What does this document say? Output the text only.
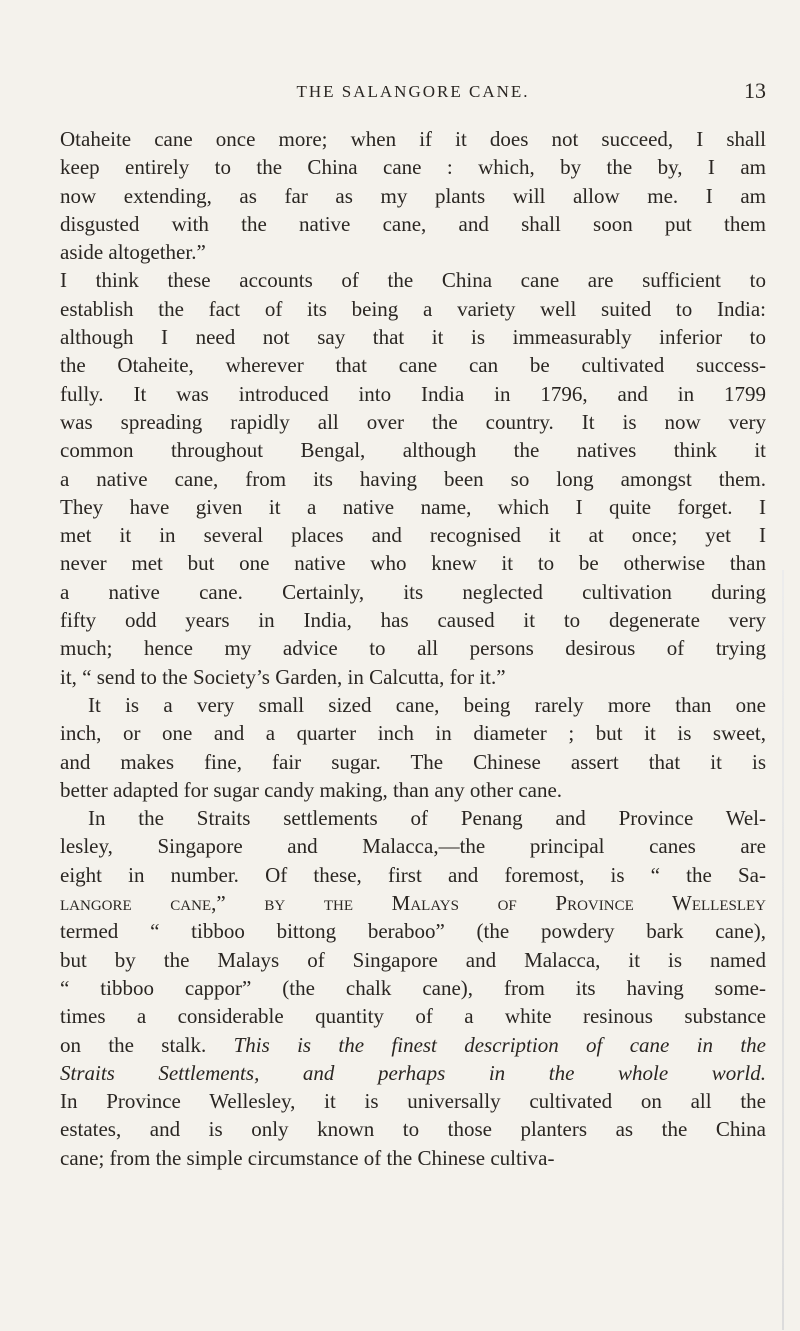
THE SALANGORE CANE.	13
Otaheite cane once more; when if it does not succeed, I shall
keep entirely to the China cane : which, by the by, I am
now extending, as far as my plants will allow me. I am
disgusted with the native cane, and shall soon put them
aside altogether.”
I think these accounts of the China cane are sufficient to
establish the fact of its being a variety well suited to India:
although I need not say that it is immeasurably inferior to
the Otaheite, wherever that cane can be cultivated success-
fully. It was introduced into India in 1796, and in 1799
was spreading rapidly all over the country. It is now very
common throughout Bengal, although the natives think it
a native cane, from its having been so long amongst them.
They have given it a native name, which I quite forget. I
met it in several places and recognised it at once; yet I
never met but one native who knew it to be otherwise than
a native cane. Certainly, its neglected cultivation during
fifty odd years in India, has caused it to degenerate very
much; hence my advice to all persons desirous of trying
it, “ send to the Society’s Garden, in Calcutta, for it.”
It is a very small sized cane, being rarely more than one
inch, or one and a quarter inch in diameter ; but it is sweet,
and makes fine, fair sugar. The Chinese assert that it is
better adapted for sugar candy making, than any other cane.
In the Straits settlements of Penang and Province Wel-
lesley, Singapore and Malacca,—the principal canes are
eight in number. Of these, first and foremost, is “ the Sa-
langore cane,” by the Malays of Province Wellesley
termed “ tibboo bittong beraboo” (the powdery bark cane),
but by the Malays of Singapore and Malacca, it is named
“ tibboo cappor” (the chalk cane), from its having some-
times a considerable quantity of a white resinous substance
on the stalk. This is the finest description of cane in the
Straits Settlements, and perhaps in the whole world.
In Province Wellesley, it is universally cultivated on all the
estates, and is only known to those planters as the China
cane; from the simple circumstance of the Chinese cultiva-
